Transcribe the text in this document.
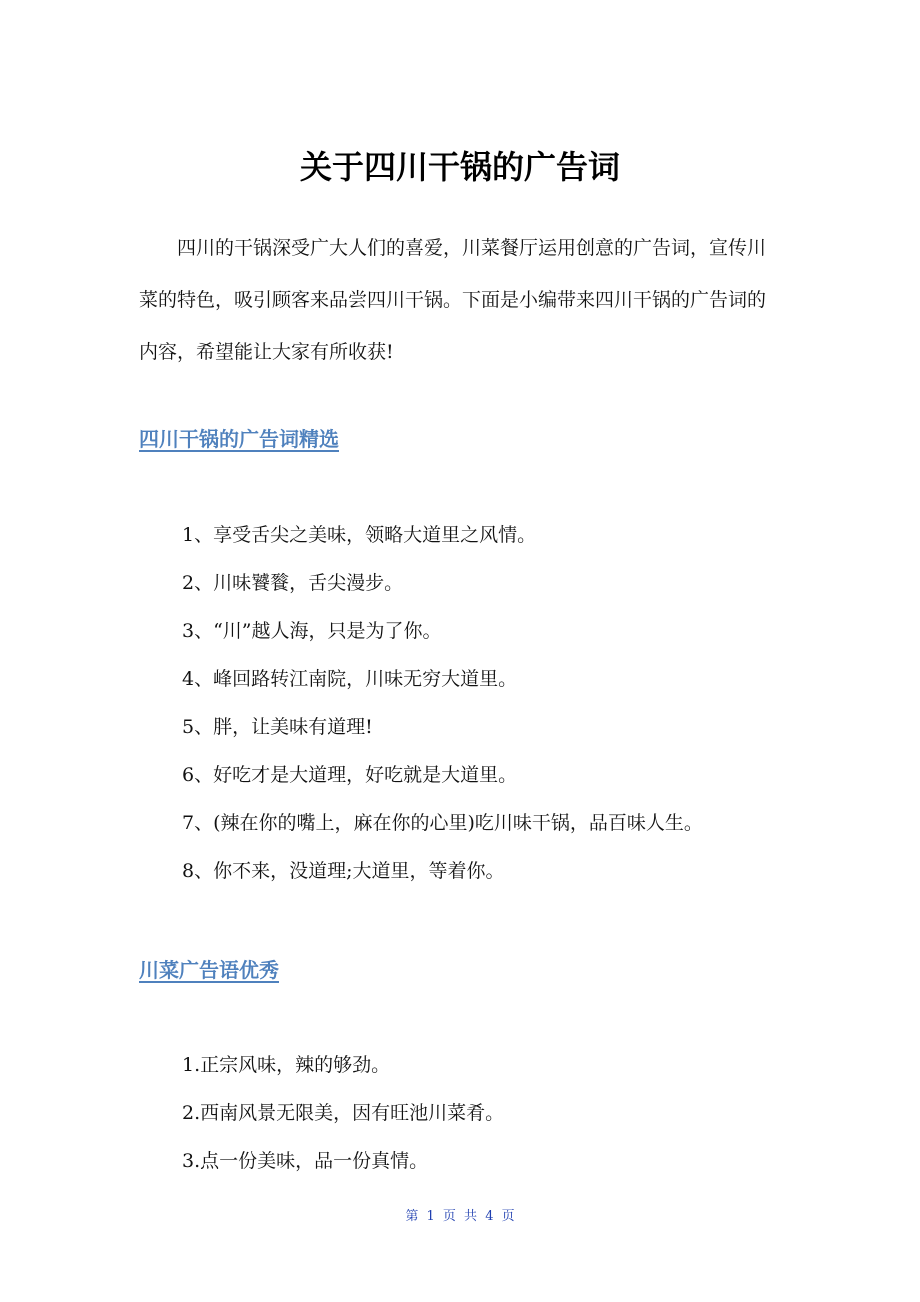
关于四川干锅的广告词

四川的干锅深受广大人们的喜爱，川菜餐厅运用创意的广告词，宣传川菜的特色，吸引顾客来品尝四川干锅。下面是小编带来四川干锅的广告词的内容，希望能让大家有所收获!

四川干锅的广告词精选
1、享受舌尖之美味，领略大道里之风情。
2、川味饕餮，舌尖漫步。
3、“川”越人海，只是为了你。
4、峰回路转江南院，川味无穷大道里。
5、胖，让美味有道理!
6、好吃才是大道理，好吃就是大道里。
7、(辣在你的嘴上，麻在你的心里)吃川味干锅，品百味人生。
8、你不来，没道理;大道里，等着你。
川菜广告语优秀
1.正宗风味，辣的够劲。
2.西南风景无限美，因有旺池川菜肴。
3.点一份美味，品一份真情。
第 1 页 共 4 页
